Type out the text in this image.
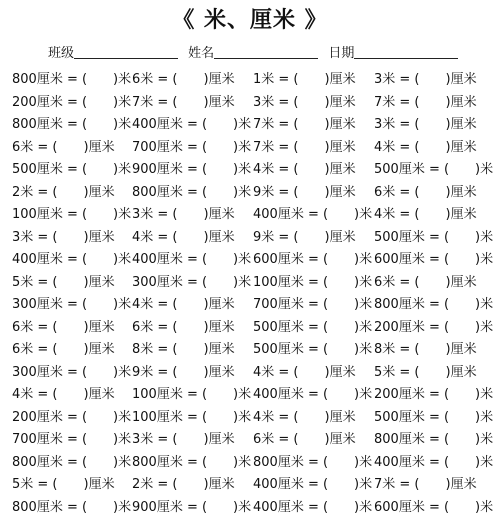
《 米、厘米 》
班级	姓名	日期
800厘米 = (　　)米 6米 = (　　)厘米	1米 = (　　)厘米	3米 = (　　)厘米
200厘米 = (　　)米 7米 = (　　)厘米	3米 = (　　)厘米	7米 = (　　)厘米
800厘米 = (　　)米 400厘米 = (　　)米 7米 = (　　)厘米	3米 = (　　)厘米
6米 = (　　)厘米	700厘米 = (　　)米 7米 = (　　)厘米	4米 = (　　)厘米
500厘米 = (　　)米 900厘米 = (　　)米 4米 = (　　)厘米	500厘米 = (　　)米
2米 = (　　)厘米	800厘米 = (　　)米 9米 = (　　)厘米	6米 = (　　)厘米
100厘米 = (　　)米 3米 = (　　)厘米	400厘米 = (　　)米 4米 = (　　)厘米
3米 = (　　)厘米	4米 = (　　)厘米	9米 = (　　)厘米	500厘米 = (　　)米
400厘米 = (　　)米 400厘米 = (　　)米 600厘米 = (　　)米 600厘米 = (　　)米
5米 = (　　)厘米	300厘米 = (　　)米 100厘米 = (　　)米 6米 = (　　)厘米
300厘米 = (　　)米 4米 = (　　)厘米	700厘米 = (　　)米 800厘米 = (　　)米
6米 = (　　)厘米	6米 = (　　)厘米	500厘米 = (　　)米 200厘米 = (　　)米
6米 = (　　)厘米	8米 = (　　)厘米	500厘米 = (　　)米 8米 = (　　)厘米
300厘米 = (　　)米 9米 = (　　)厘米	4米 = (　　)厘米	5米 = (　　)厘米
4米 = (　　)厘米	100厘米 = (　　)米 400厘米 = (　　)米 200厘米 = (　　)米
200厘米 = (　　)米 100厘米 = (　　)米 4米 = (　　)厘米	500厘米 = (　　)米
700厘米 = (　　)米 3米 = (　　)厘米	6米 = (　　)厘米	800厘米 = (　　)米
800厘米 = (　　)米 800厘米 = (　　)米 800厘米 = (　　)米 400厘米 = (　　)米
5米 = (　　)厘米	2米 = (　　)厘米	400厘米 = (　　)米 7米 = (　　)厘米
800厘米 = (　　)米 900厘米 = (　　)米 400厘米 = (　　)米 600厘米 = (　　)米
